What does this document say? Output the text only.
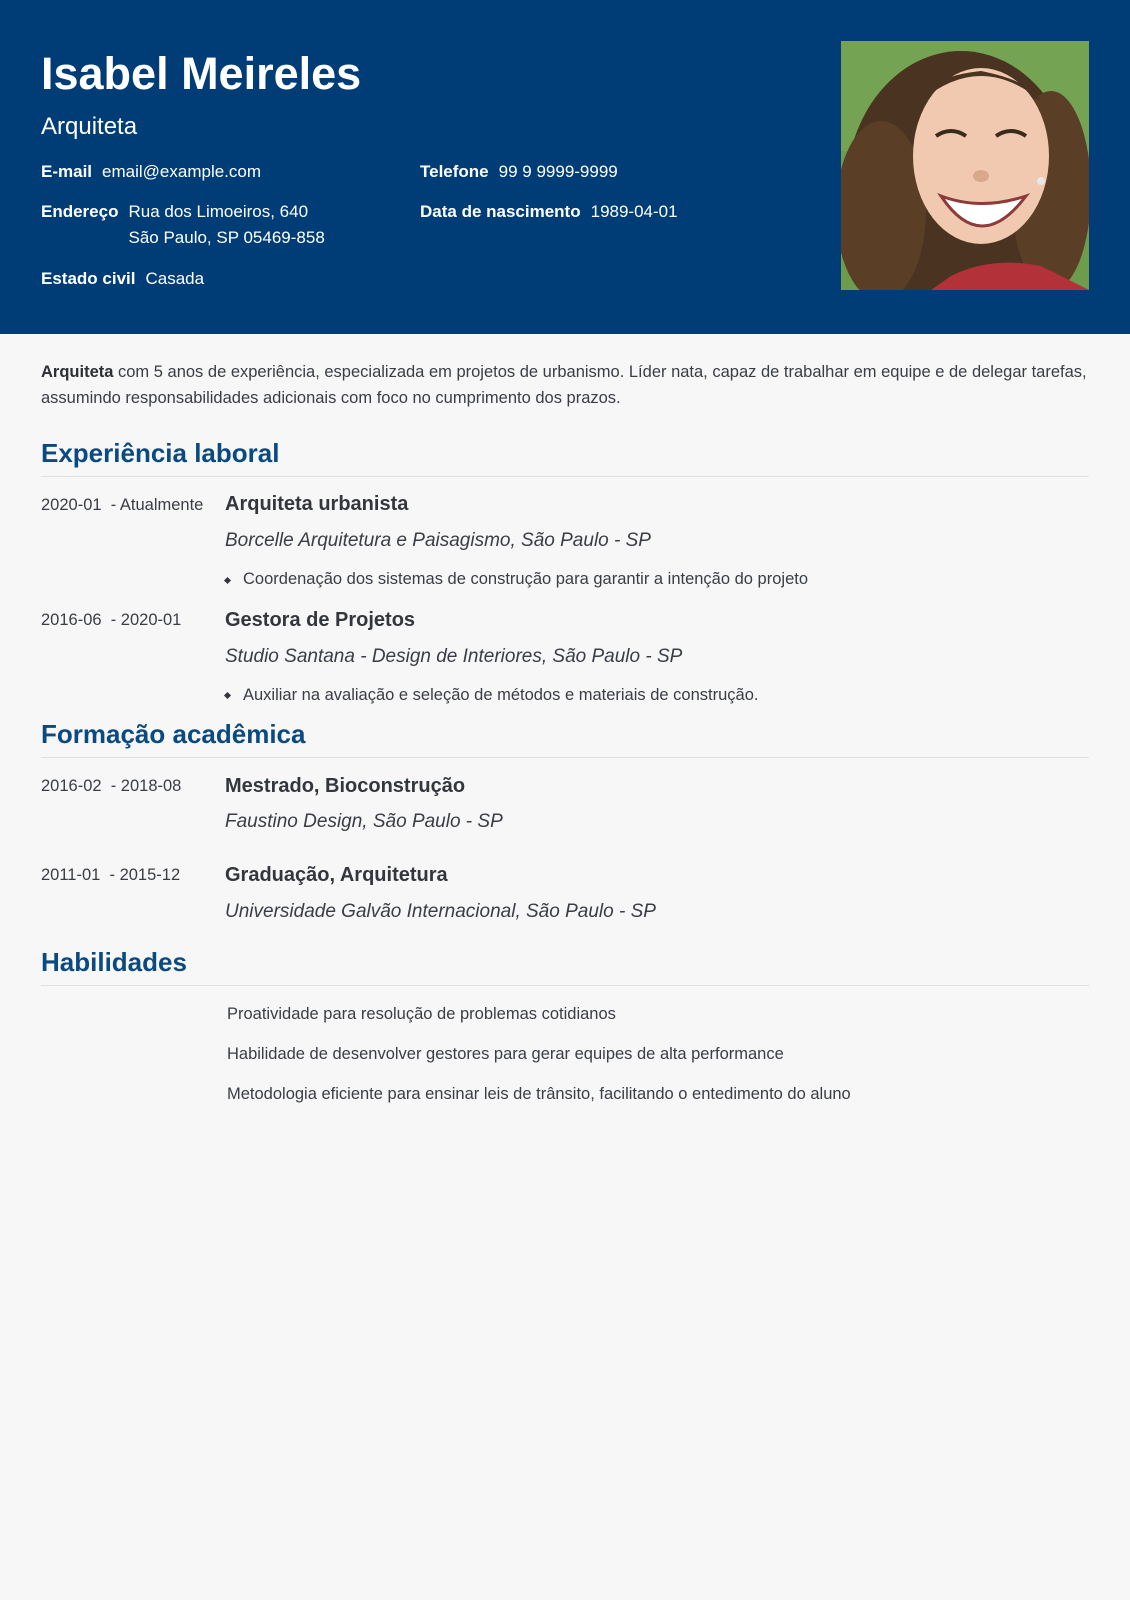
Isabel Meireles
Arquiteta
E-mail email@example.com	Telefone 99 9 9999-9999
Endereço Rua dos Limoeiros, 640
São Paulo, SP 05469-858
Data de nascimento 1989-04-01
Estado civil Casada
Arquiteta com 5 anos de experiência, especializada em projetos de urbanismo. Líder nata, capaz de trabalhar em equipe e de delegar tarefas, assumindo responsabilidades adicionais com foco no cumprimento dos prazos.
Experiência laboral
2020-01  - Atualmente Arquiteta urbanista
Borcelle Arquitetura e Paisagismo, São Paulo - SP
Coordenação dos sistemas de construção para garantir a intenção do projeto
2016-06  - 2020-01 Gestora de Projetos
Studio Santana - Design de Interiores, São Paulo - SP
Auxiliar na avaliação e seleção de métodos e materiais de construção.
Formação acadêmica
2016-02  - 2018-08 Mestrado, Bioconstrução
Faustino Design, São Paulo - SP
2011-01  - 2015-12 Graduação, Arquitetura
Universidade Galvão Internacional, São Paulo - SP
Habilidades
Proatividade para resolução de problemas cotidianos
Habilidade de desenvolver gestores para gerar equipes de alta performance
Metodologia eficiente para ensinar leis de trânsito, facilitando o entedimento do aluno
